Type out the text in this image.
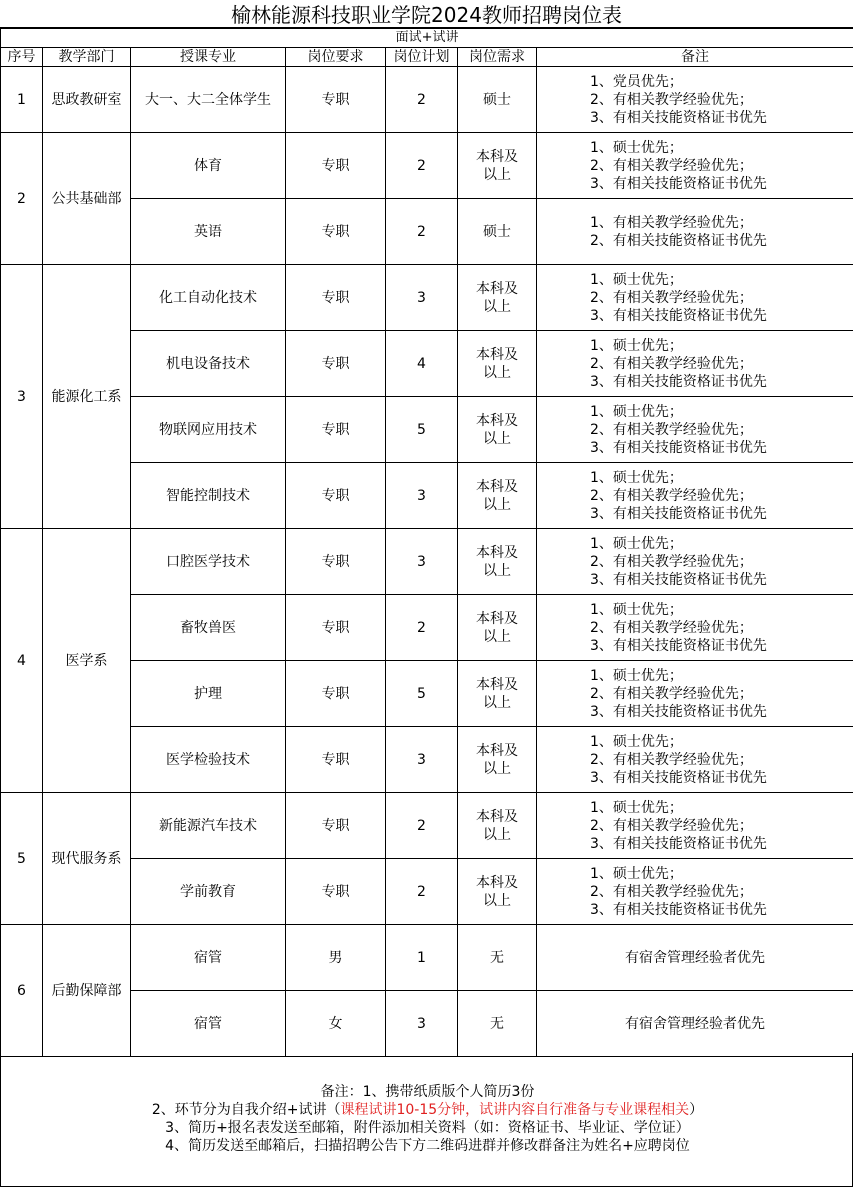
榆林能源科技职业学院2024教师招聘岗位表
面试+试讲						
序号	教学部门	授课专业	岗位要求	岗位计划	岗位需求	备注
1	思政教研室	大一、大二全体学生	专职	2	硕士	1、党员优先；
2、有相关教学经验优先；
3、有相关技能资格证书优先

2	公共基础部	体育	专职	2	本科及以上	1、硕士优先；
2、有相关教学经验优先；
3、有相关技能资格证书优先

		英语	专职	2	硕士	1、有相关教学经验优先；
2、有相关技能资格证书优先

3	能源化工系	化工自动化技术	专职	3	本科及以上	1、硕士优先；
2、有相关教学经验优先；
3、有相关技能资格证书优先

		机电设备技术	专职	4	本科及以上	1、硕士优先；
2、有相关教学经验优先；
3、有相关技能资格证书优先

		物联网应用技术	专职	5	本科及以上	1、硕士优先；
2、有相关教学经验优先；
3、有相关技能资格证书优先

		智能控制技术	专职	3	本科及以上	1、硕士优先；
2、有相关教学经验优先；
3、有相关技能资格证书优先

4	医学系	口腔医学技术	专职	3	本科及以上	1、硕士优先；
2、有相关教学经验优先；
3、有相关技能资格证书优先

		畜牧兽医	专职	2	本科及以上	1、硕士优先；
2、有相关教学经验优先；
3、有相关技能资格证书优先

		护理	专职	5	本科及以上	1、硕士优先；
2、有相关教学经验优先；
3、有相关技能资格证书优先

		医学检验技术	专职	3	本科及以上	1、硕士优先；
2、有相关教学经验优先；
3、有相关技能资格证书优先

5	现代服务系	新能源汽车技术	专职	2	本科及以上	1、硕士优先；
2、有相关教学经验优先；
3、有相关技能资格证书优先

		学前教育	专职	2	本科及以上	1、硕士优先；
2、有相关教学经验优先；
3、有相关技能资格证书优先

6	后勤保障部	宿管	男	1	无	有宿舍管理经验者优先

		宿管	女	3	无	有宿舍管理经验者优先
备注：1、携带纸质版个人简历3份
2、环节分为自我介绍+试讲（课程试讲10-15分钟，试讲内容自行准备与专业课程相关）
3、简历+报名表发送至邮箱，附件添加相关资料（如：资格证书、毕业证、学位证）
4、简历发送至邮箱后，扫描招聘公告下方二维码进群并修改群备注为姓名+应聘岗位
